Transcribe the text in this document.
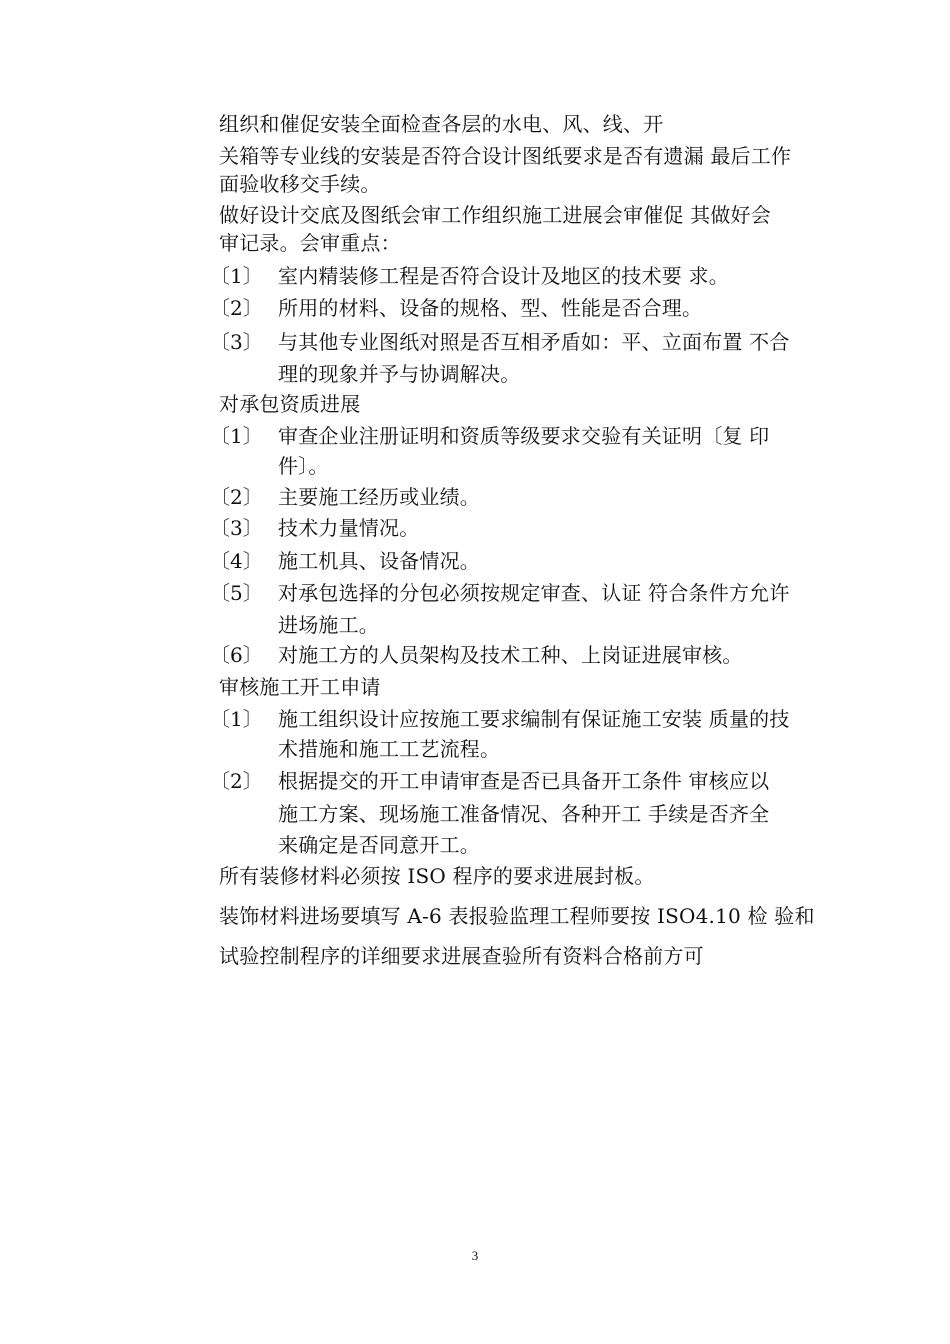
组织和催促安装全面检查各层的水电、风、线、开
关箱等专业线的安装是否符合设计图纸要求是否有遗漏 最后工作
面验收移交手续。
做好设计交底及图纸会审工作组织施工进展会审催促 其做好会
审记录。会审重点：
〔1〕 室内精装修工程是否符合设计及地区的技术要 求。
〔2〕 所用的材料、设备的规格、型、性能是否合理。
〔3〕 与其他专业图纸对照是否互相矛盾如：平、立面布置 不合
理的现象并予与协调解决。
对承包资质进展
〔1〕 审查企业注册证明和资质等级要求交验有关证明〔复 印
件〕。
〔2〕 主要施工经历或业绩。
〔3〕 技术力量情况。
〔4〕 施工机具、设备情况。
〔5〕 对承包选择的分包必须按规定审查、认证 符合条件方允许
进场施工。
〔6〕 对施工方的人员架构及技术工种、上岗证进展审核。
审核施工开工申请
〔1〕 施工组织设计应按施工要求编制有保证施工安装 质量的技
术措施和施工工艺流程。
〔2〕 根据提交的开工申请审查是否已具备开工条件 审核应以
施工方案、现场施工准备情况、各种开工 手续是否齐全
来确定是否同意开工。
所有装修材料必须按 ISO 程序的要求进展封板。
装饰材料进场要填写 A-6 表报验监理工程师要按 ISO4.10 检 验和
试验控制程序的详细要求进展查验所有资料合格前方可
3
